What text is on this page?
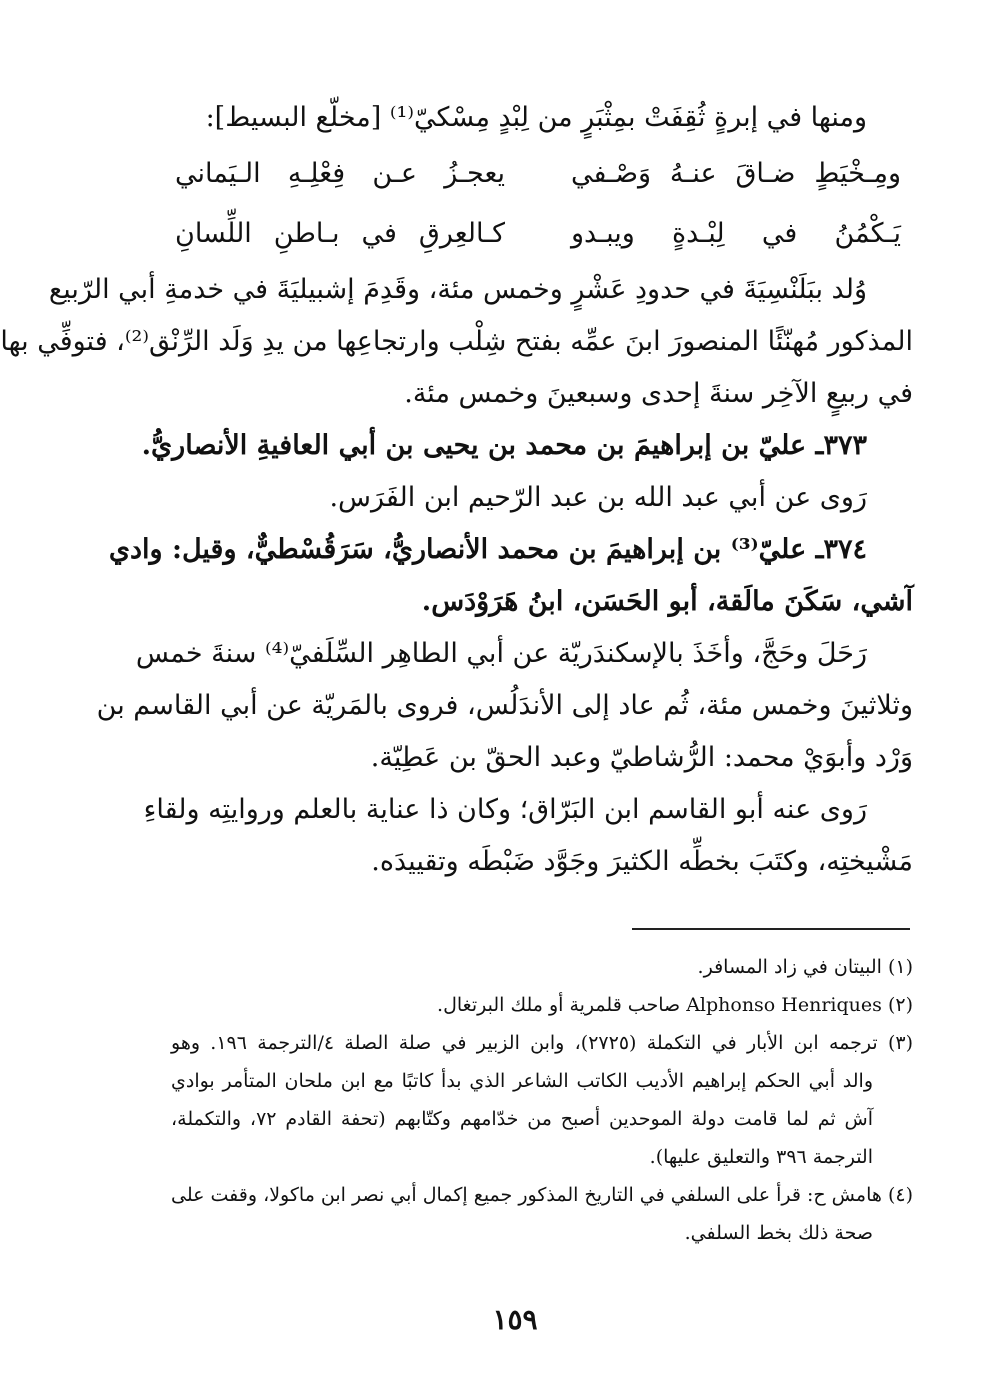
ومنها في إبرةٍ ثُقِفَتْ بمِثْبَرٍ من لِبْدٍ مِسْكيّ⁽¹⁾ [مخلّع البسيط]:
ومِـخْيَطٍ ضـاقَ عنـهُ وَصْـفي
يعجـزُ عـن فِعْلِـهِ الـيَماني
يَـكْمُنُ في لِبْـدةٍ ويبـدو
كـالعِرقِ في بـاطنِ اللِّسانِ
وُلد ببَلَنْسِيَةَ في حدودِ عَشْرٍ وخمس مئة، وقَدِمَ إشبيليَةَ في خدمةِ أبي الرّبيع
المذكور مُهنّئًا المنصورَ ابنَ عمِّه بفتح شِلْب وارتجاعِها من يدِ وَلَد الرِّنْق⁽²⁾، فتوفِّي بها
في ربيعٍ الآخِر سنةَ إحدى وسبعينَ وخمس مئة.
٣٧٣ـ عليّ بن إبراهيمَ بن محمد بن يحيى بن أبي العافيةِ الأنصاريُّ.
رَوى عن أبي عبد الله بن عبد الرّحيم ابن الفَرَس.
٣٧٤ـ عليّ⁽³⁾ بن إبراهيمَ بن محمد الأنصاريُّ، سَرَقُسْطيٌّ، وقيل: وادي
آشي، سَكَنَ مالَقة، أبو الحَسَن، ابنُ هَرَوْدَس.
رَحَلَ وحَجَّ، وأخَذَ بالإسكندَريّة عن أبي الطاهِر السِّلَفيّ⁽⁴⁾ سنةَ خمس
وثلاثينَ وخمس مئة، ثُم عاد إلى الأندَلُس، فروى بالمَريّة عن أبي القاسم بن
وَرْد وأبوَيْ محمد: الرُّشاطيّ وعبد الحقّ بن عَطِيّة.
رَوى عنه أبو القاسم ابن البَرّاق؛ وكان ذا عناية بالعلم وروايتِه ولقاءِ
مَشْيختِه، وكتَبَ بخطِّه الكثيرَ وجَوَّد ضَبْطَه وتقييدَه.
(١) البيتان في زاد المسافر.
(٢) Alphonso Henriques صاحب قلمرية أو ملك البرتغال.
(٣) ترجمه ابن الأبار في التكملة (٢٧٢٥)، وابن الزبير في صلة الصلة ٤/الترجمة ١٩٦. وهو
والد أبي الحكم إبراهيم الأديب الكاتب الشاعر الذي بدأ كاتبًا مع ابن ملحان المتأمر بوادي
آش ثم لما قامت دولة الموحدين أصبح من خدّامهم وكتّابهم (تحفة القادم ٧٢، والتكملة،
الترجمة ٣٩٦ والتعليق عليها).
(٤) هامش ح: قرأ على السلفي في التاريخ المذكور جميع إكمال أبي نصر ابن ماكولا، وقفت على
صحة ذلك بخط السلفي.
١٥٩
